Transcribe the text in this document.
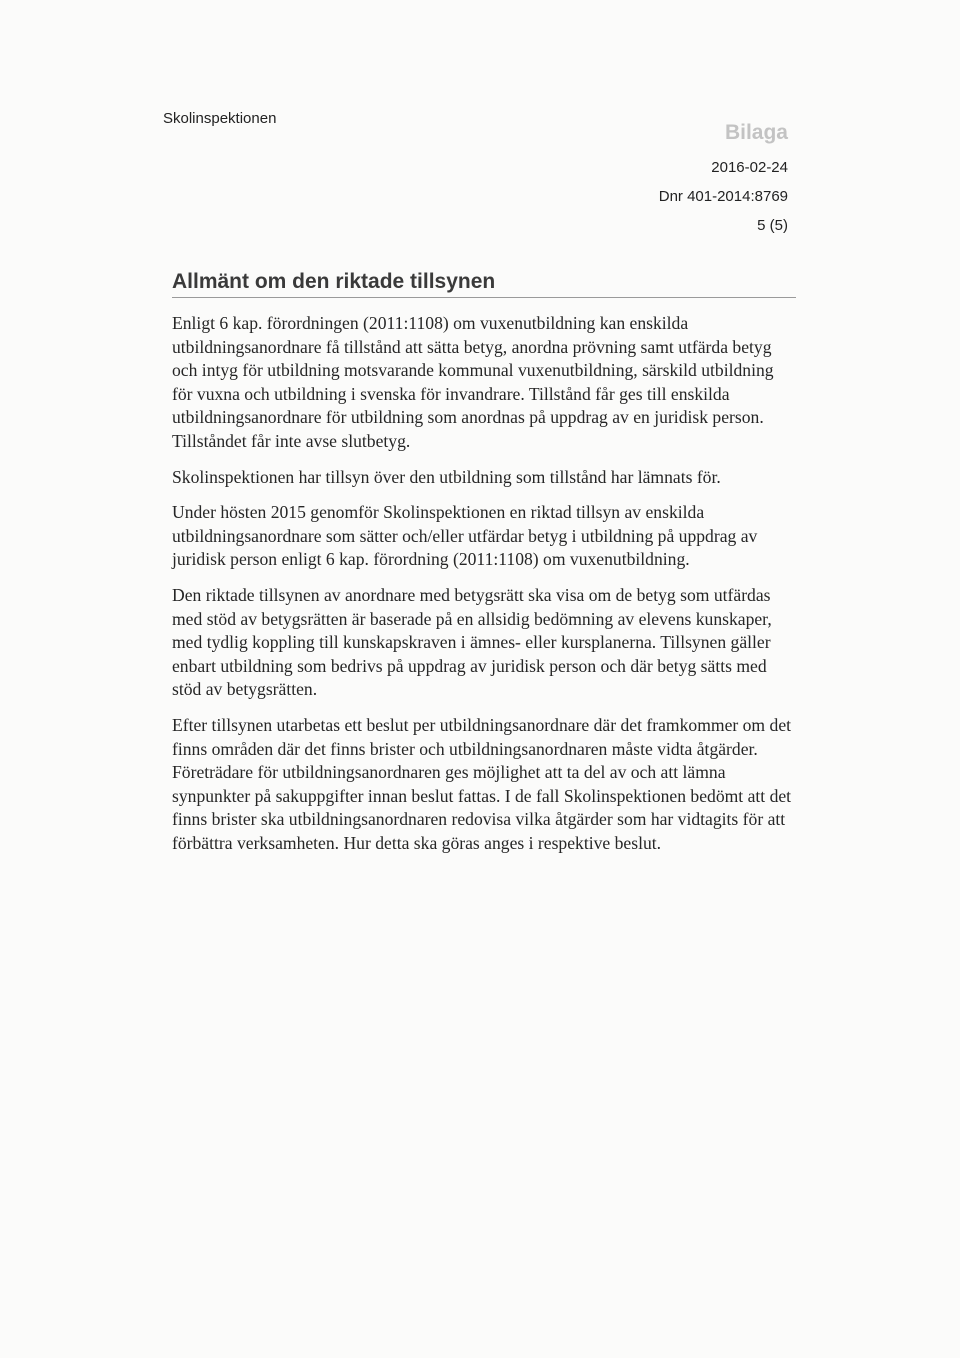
Skolinspektionen
Bilaga
2016-02-24
Dnr 401-2014:8769
5 (5)
Allmänt om den riktade tillsynen

Enligt 6 kap. förordningen (2011:1108) om vuxenutbildning kan enskilda utbildningsanordnare få tillstånd att sätta betyg, anordna prövning samt utfärda betyg och intyg för utbildning motsvarande kommunal vuxenutbildning, särskild utbildning för vuxna och utbildning i svenska för invandrare. Tillstånd får ges till enskilda utbildningsanordnare för utbildning som anordnas på uppdrag av en juridisk person. Tillståndet får inte avse slutbetyg.

Skolinspektionen har tillsyn över den utbildning som tillstånd har lämnats för.

Under hösten 2015 genomför Skolinspektionen en riktad tillsyn av enskilda utbildningsanordnare som sätter och/eller utfärdar betyg i utbildning på uppdrag av juridisk person enligt 6 kap. förordning (2011:1108) om vuxenutbildning.

Den riktade tillsynen av anordnare med betygsrätt ska visa om de betyg som utfärdas med stöd av betygsrätten är baserade på en allsidig bedömning av elevens kunskaper, med tydlig koppling till kunskapskraven i ämnes- eller kursplanerna. Tillsynen gäller enbart utbildning som bedrivs på uppdrag av juridisk person och där betyg sätts med stöd av betygsrätten.

Efter tillsynen utarbetas ett beslut per utbildningsanordnare där det framkommer om det finns områden där det finns brister och utbildningsanordnaren måste vidta åtgärder. Företrädare för utbildningsanordnaren ges möjlighet att ta del av och att lämna synpunkter på sakuppgifter innan beslut fattas. I de fall Skolinspektionen bedömt att det finns brister ska utbildningsanordnaren redovisa vilka åtgärder som har vidtagits för att förbättra verksamheten. Hur detta ska göras anges i respektive beslut.
